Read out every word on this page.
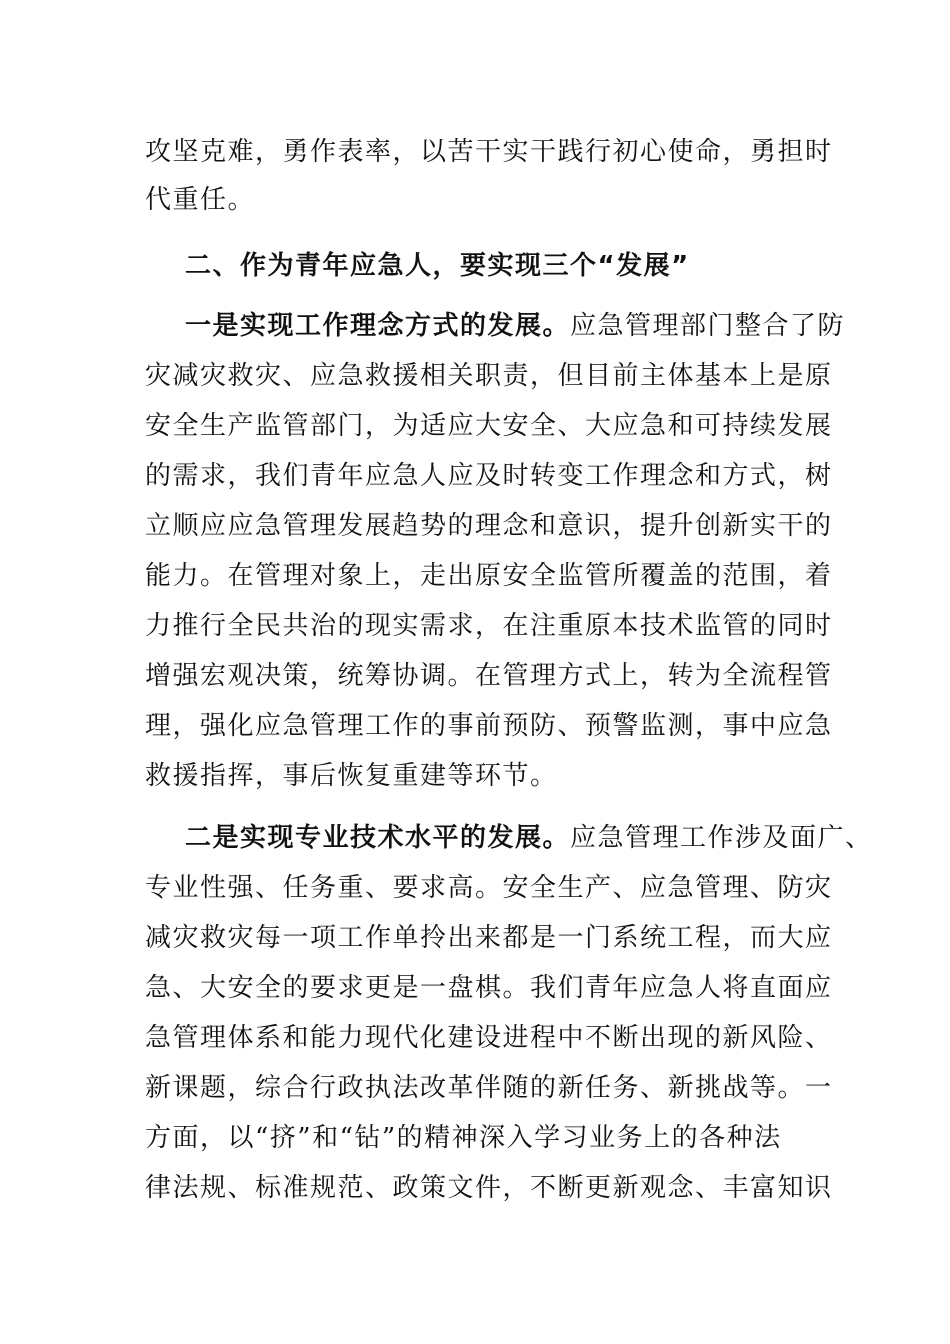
攻坚克难，勇作表率，以苦干实干践行初心使命，勇担时
代重任。
二、作为青年应急人，要实现三个“发展”
一是实现工作理念方式的发展。应急管理部门整合了防
灾减灾救灾、应急救援相关职责，但目前主体基本上是原
安全生产监管部门，为适应大安全、大应急和可持续发展
的需求，我们青年应急人应及时转变工作理念和方式，树
立顺应应急管理发展趋势的理念和意识，提升创新实干的
能力。在管理对象上，走出原安全监管所覆盖的范围，着
力推行全民共治的现实需求，在注重原本技术监管的同时
增强宏观决策，统筹协调。在管理方式上，转为全流程管
理，强化应急管理工作的事前预防、预警监测，事中应急
救援指挥，事后恢复重建等环节。
二是实现专业技术水平的发展。应急管理工作涉及面广、
专业性强、任务重、要求高。安全生产、应急管理、防灾
减灾救灾每一项工作单拎出来都是一门系统工程，而大应
急、大安全的要求更是一盘棋。我们青年应急人将直面应
急管理体系和能力现代化建设进程中不断出现的新风险、
新课题，综合行政执法改革伴随的新任务、新挑战等。一
方面，以“挤”和“钻”的精神深入学习业务上的各种法
律法规、标准规范、政策文件，不断更新观念、丰富知识
